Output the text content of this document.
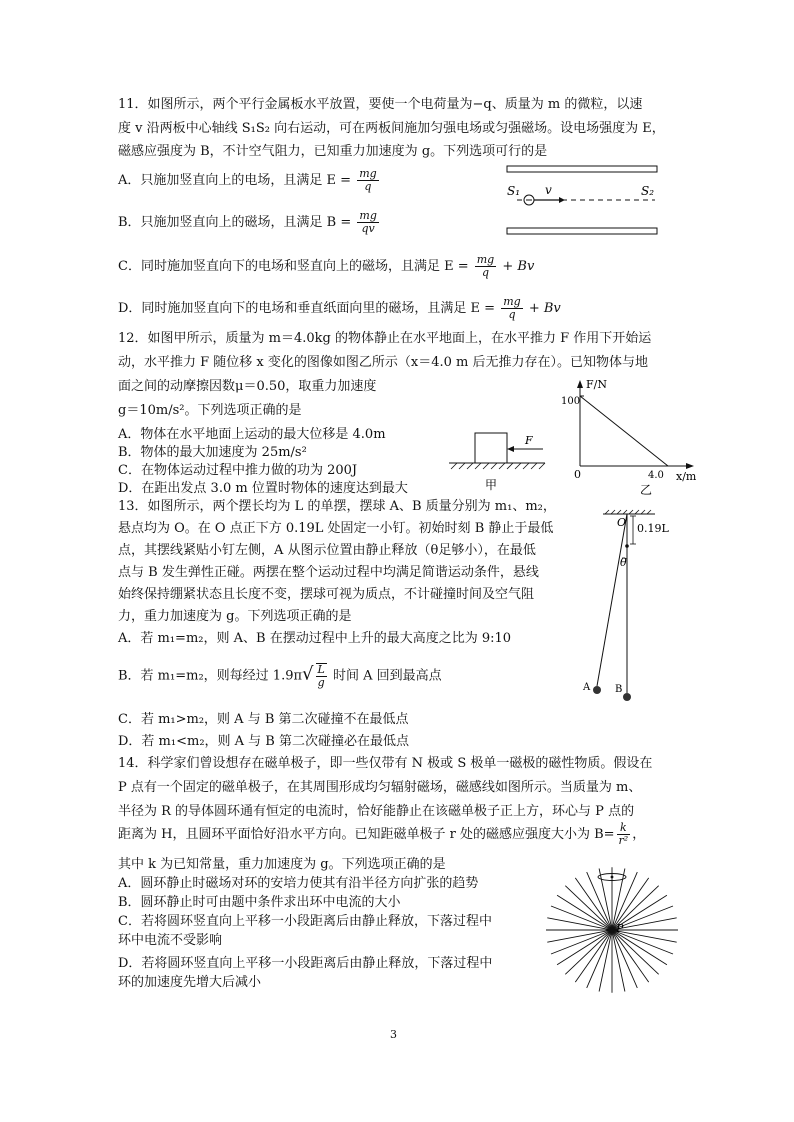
11．如图所示，两个平行金属板水平放置，要使一个电荷量为−q、质量为 m 的微粒，以速
度 v 沿两板中心轴线 S₁S₂ 向右运动，可在两板间施加匀强电场或匀强磁场。设电场强度为 E，
磁感应强度为 B，不计空气阻力，已知重力加速度为 g。下列选项可行的是
A．只施加竖直向上的电场，且满足 $E = \frac{mg}{q}$
B．只施加竖直向上的磁场，且满足 $B = \frac{mg}{qv}$
C．同时施加竖直向下的电场和竖直向上的磁场，且满足 $E = \frac{mg}{q} + Bv$
D．同时施加竖直向下的电场和垂直纸面向里的磁场，且满足 $E = \frac{mg}{q} + Bv$
S₁	S₂
v
12．如图甲所示，质量为 m＝4.0kg 的物体静止在水平地面上，在水平推力 F 作用下开始运
动，水平推力 F 随位移 x 变化的图像如图乙所示（x＝4.0 m 后无推力存在）。已知物体与地
面之间的动摩擦因数μ＝0.50，取重力加速度
g＝10m/s²。下列选项正确的是
A．物体在水平地面上运动的最大位移是 4.0m
B．物体的最大加速度为 25m/s²
C．在物体运动过程中推力做的功为 200J
D．在距出发点 3.0 m 位置时物体的速度达到最大
F
甲
F/N
x/m
100
4.0
0
乙
13．如图所示，两个摆长均为 L 的单摆，摆球 A、B 质量分别为 m₁、m₂，
悬点均为 O。在 O 点正下方 0.19L 处固定一小钉。初始时刻 B 静止于最低
点，其摆线紧贴小钉左侧，A 从图示位置由静止释放（θ足够小），在最低
点与 B 发生弹性正碰。两摆在整个运动过程中均满足简谐运动条件，悬线
始终保持绷紧状态且长度不变，摆球可视为质点，不计碰撞时间及空气阻
力，重力加速度为 g。下列选项正确的是
A．若 m₁=m₂，则 A、B 在摆动过程中上升的最大高度之比为 9:10
B．若 m₁=m₂，则每经过 $1.9\pi√ \frac{L}{g}$ 时间 A 回到最高点
C．若 m₁>m₂，则 A 与 B 第二次碰撞不在最低点
D．若 m₁<m₂，则 A 与 B 第二次碰撞必在最低点
O 0.19L
θ
A B
14．科学家们曾设想存在磁单极子，即一些仅带有 N 极或 S 极单一磁极的磁性物质。假设在
P 点有一个固定的磁单极子，在其周围形成均匀辐射磁场，磁感线如图所示。当质量为 m、
半径为 R 的导体圆环通有恒定的电流时，恰好能静止在该磁单极子正上方，环心与 P 点的
距离为 H，且圆环平面恰好沿水平方向。已知距磁单极子 r 处的磁感应强度大小为 $B= \frac{k}{\text{r²}}$ ，
其中 k 为已知常量，重力加速度为 g。下列选项正确的是
A．圆环静止时磁场对环的安培力使其有沿半径方向扩张的趋势
B．圆环静止时可由题中条件求出环中电流的大小
C．若将圆环竖直向上平移一小段距离后由静止释放，下落过程中
环中电流不受影响
D．若将圆环竖直向上平移一小段距离后由静止释放，下落过程中
环的加速度先增大后减小
P
3
